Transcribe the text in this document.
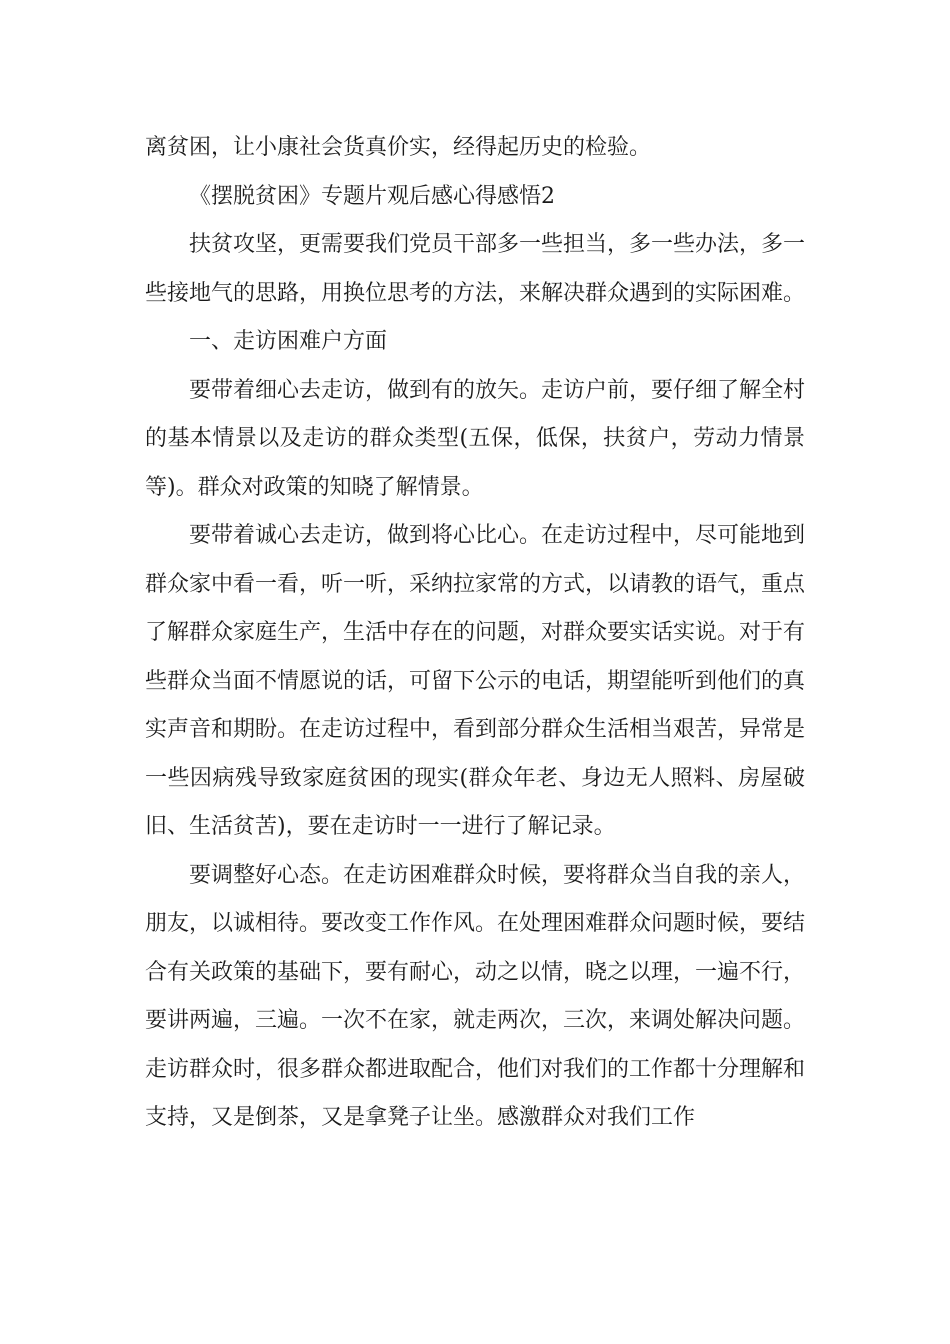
离贫困，让小康社会货真价实，经得起历史的检验。

《摆脱贫困》专题片观后感心得感悟2

扶贫攻坚，更需要我们党员干部多一些担当，多一些办法，多一些接地气的思路，用换位思考的方法，来解决群众遇到的实际困难。

一、走访困难户方面

要带着细心去走访，做到有的放矢。走访户前，要仔细了解全村的基本情景以及走访的群众类型(五保，低保，扶贫户，劳动力情景等)。群众对政策的知晓了解情景。

要带着诚心去走访，做到将心比心。在走访过程中，尽可能地到群众家中看一看，听一听，采纳拉家常的方式，以请教的语气，重点了解群众家庭生产，生活中存在的问题，对群众要实话实说。对于有些群众当面不情愿说的话，可留下公示的电话，期望能听到他们的真实声音和期盼。在走访过程中，看到部分群众生活相当艰苦，异常是一些因病残导致家庭贫困的现实(群众年老、身边无人照料、房屋破旧、生活贫苦)，要在走访时一一进行了解记录。

要调整好心态。在走访困难群众时候，要将群众当自我的亲人，朋友，以诚相待。要改变工作作风。在处理困难群众问题时候，要结合有关政策的基础下，要有耐心，动之以情，晓之以理，一遍不行，要讲两遍，三遍。一次不在家，就走两次，三次，来调处解决问题。走访群众时，很多群众都进取配合，他们对我们的工作都十分理解和支持，又是倒茶，又是拿凳子让坐。感激群众对我们工作
